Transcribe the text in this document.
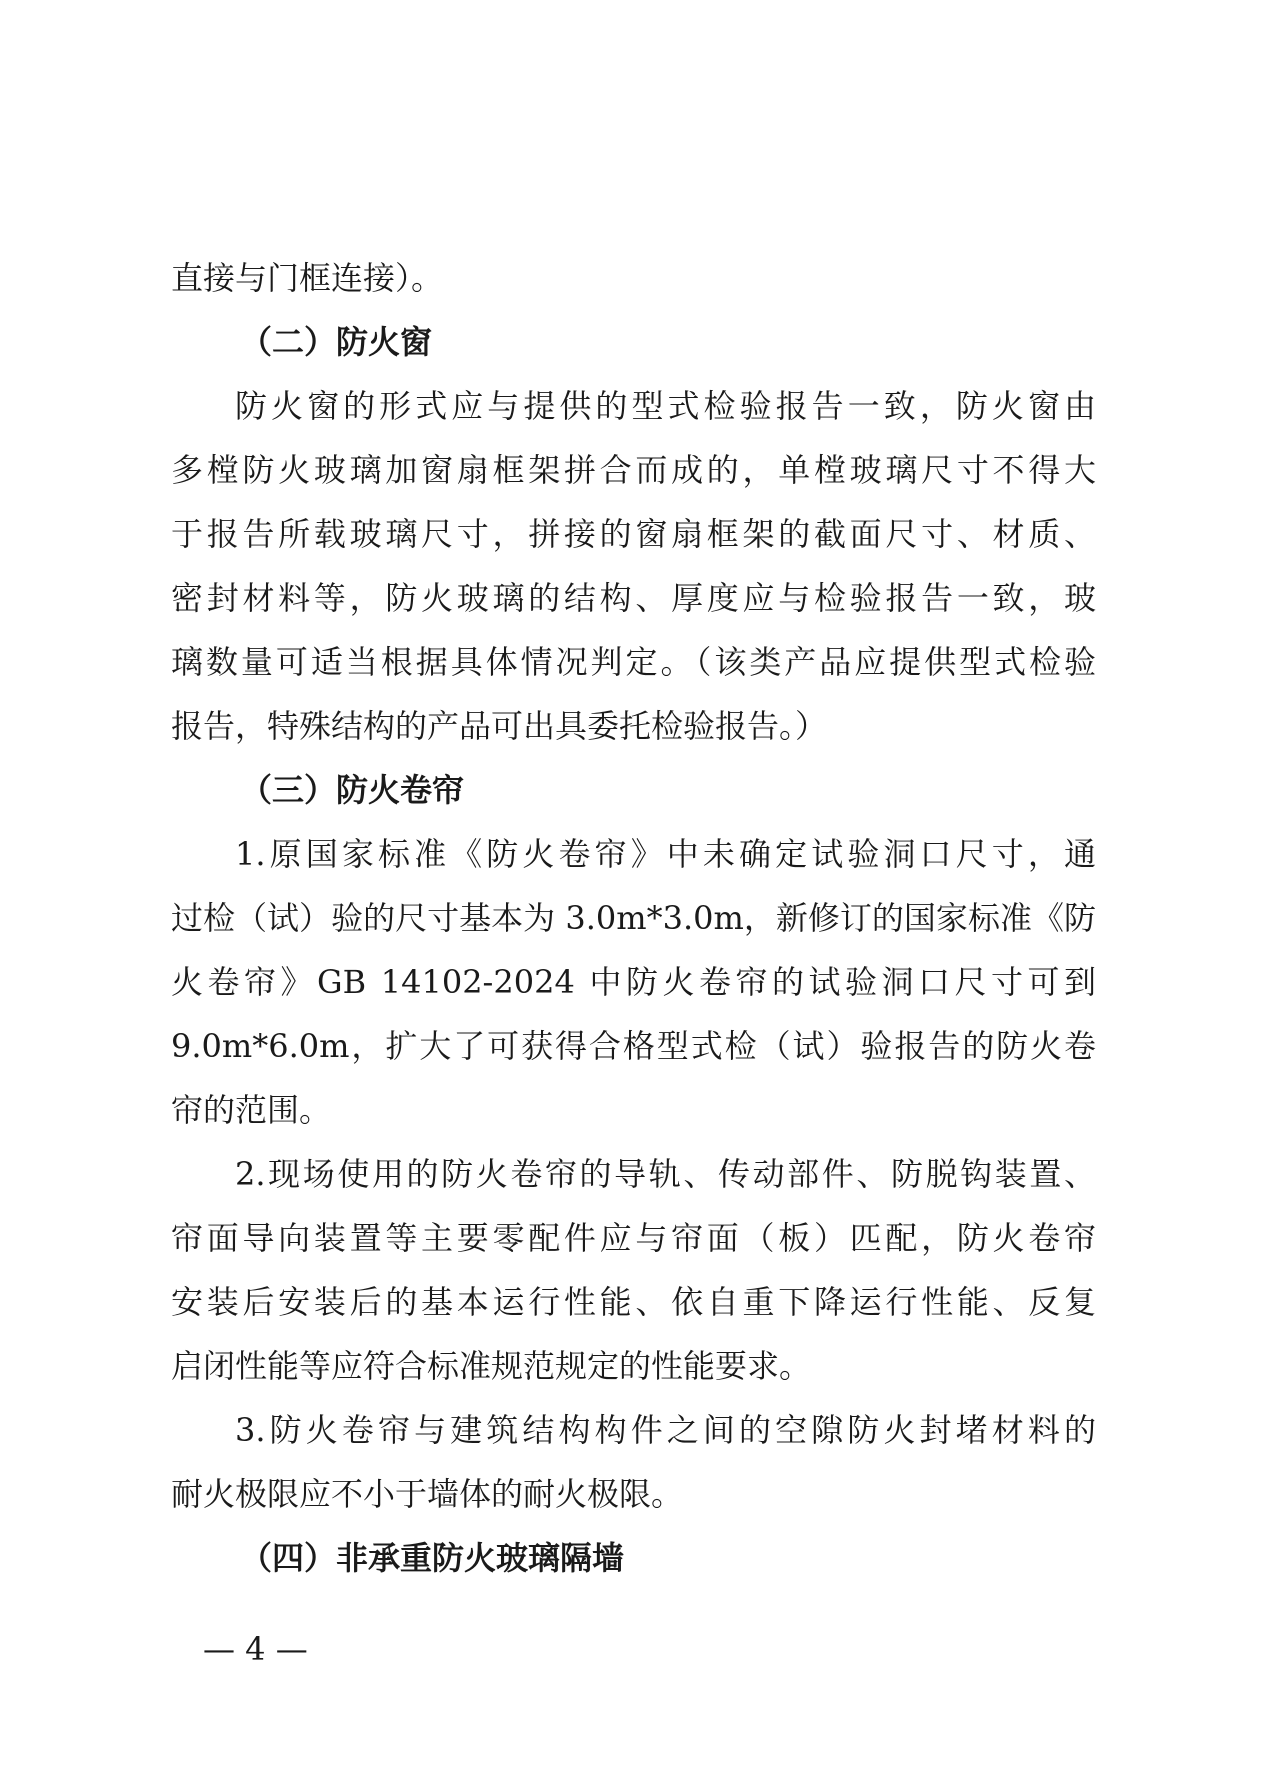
直接与门框连接）。
（二）防火窗
防火窗的形式应与提供的型式检验报告一致，防火窗由
多樘防火玻璃加窗扇框架拼合而成的，单樘玻璃尺寸不得大
于报告所载玻璃尺寸，拼接的窗扇框架的截面尺寸、材质、
密封材料等，防火玻璃的结构、厚度应与检验报告一致，玻
璃数量可适当根据具体情况判定。（该类产品应提供型式检验
报告，特殊结构的产品可出具委托检验报告。）
（三）防火卷帘
1.原国家标准《防火卷帘》中未确定试验洞口尺寸，通
过检（试）验的尺寸基本为 3.0m*3.0m，新修订的国家标准《防
火卷帘》GB 14102-2024 中防火卷帘的试验洞口尺寸可到
9.0m*6.0m，扩大了可获得合格型式检（试）验报告的防火卷
帘的范围。
2.现场使用的防火卷帘的导轨、传动部件、防脱钩装置、
帘面导向装置等主要零配件应与帘面（板）匹配，防火卷帘
安装后安装后的基本运行性能、依自重下降运行性能、反复
启闭性能等应符合标准规范规定的性能要求。
3.防火卷帘与建筑结构构件之间的空隙防火封堵材料的
耐火极限应不小于墙体的耐火极限。
（四）非承重防火玻璃隔墙
— 4 —
